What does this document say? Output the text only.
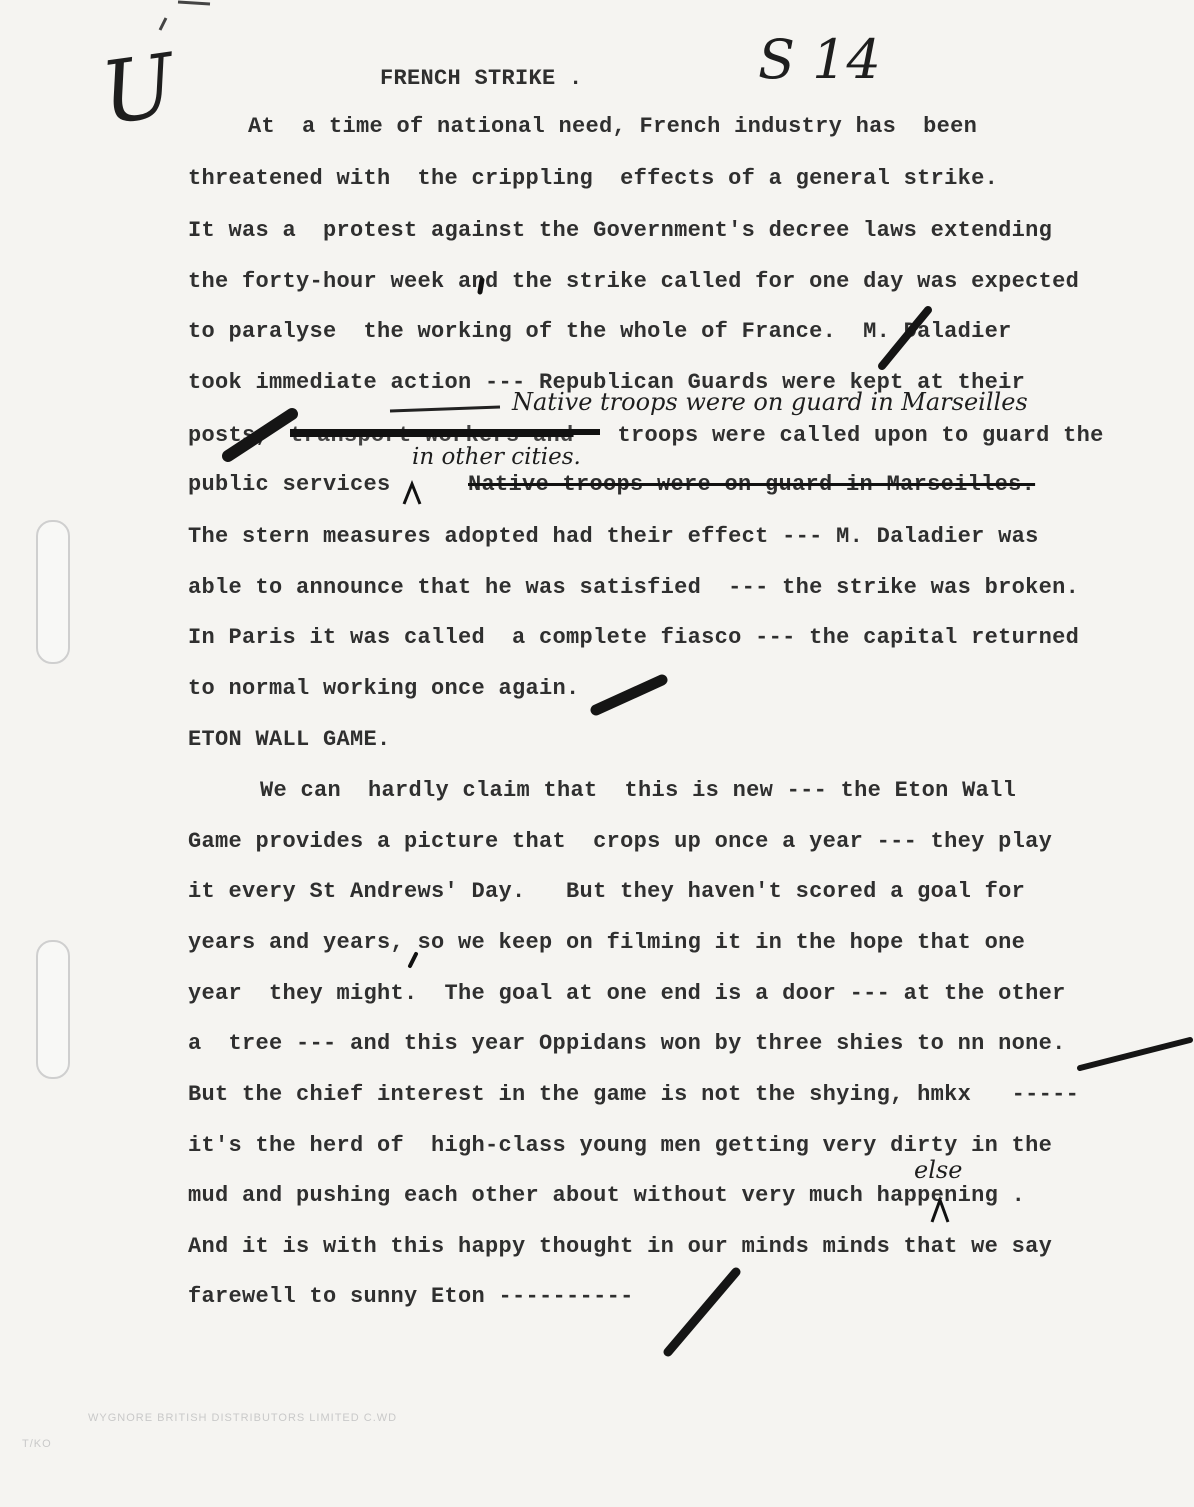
U	S 14
FRENCH STRIKE .
At  a time of national need, French industry has  been
threatened with  the crippling  effects of a general strike.
It was a  protest against the Government's decree laws extending
the forty-hour week and the strike called for one day was expected
to paralyse  the working of the whole of France.  M. Daladier
took immediate action --- Republican Guards were kept at their
Native troops were on guard in Marseilles
posts, transport workers and troops were called upon to guard the
in other cities.
public services	Native troops were on guard in Marseilles.
The stern measures adopted had their effect --- M. Daladier was
able to announce that he was satisfied  --- the strike was broken.
In Paris it was called  a complete fiasco --- the capital returned
to normal working once again.
ETON WALL GAME.
We can  hardly claim that  this is new --- the Eton Wall
Game provides a picture that  crops up once a year --- they play
it every St Andrews' Day.   But they haven't scored a goal for
years and years, so we keep on filming it in the hope that one
year  they might.  The goal at one end is a door --- at the other
a  tree --- and this year Oppidans won by three shies to nn none.
But the chief interest in the game is not the shying, hmkx   -----
it's the herd of  high-class young men getting very dirty in the
else
mud and pushing each other about without very much happening .
And it is with this happy thought in our minds minds that we say
farewell to sunny Eton ----------
WYGNORE BRITISH DISTRIBUTORS LIMITED C.WD
T/KO
